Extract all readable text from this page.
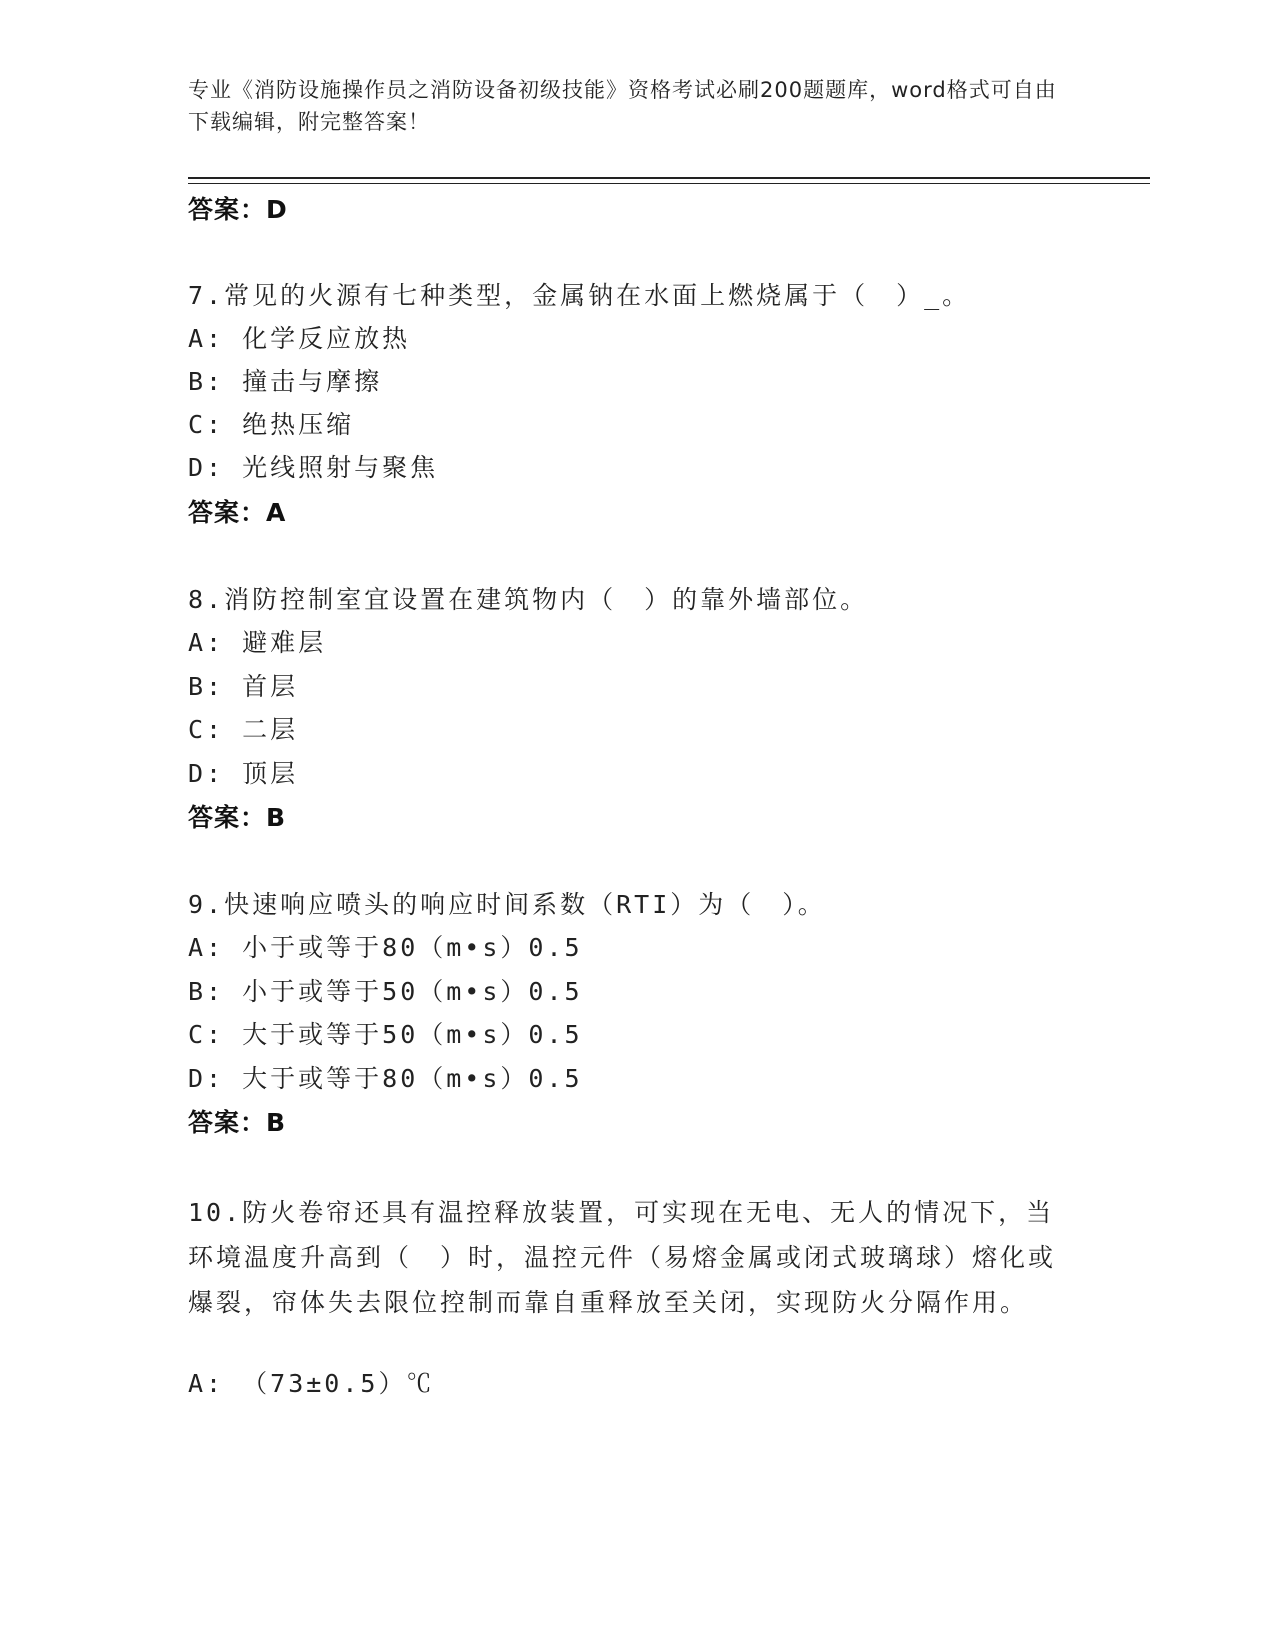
专业《消防设施操作员之消防设备初级技能》资格考试必刷200题题库，word格式可自由下载编辑，附完整答案！
答案：D
7.常见的火源有七种类型，金属钠在水面上燃烧属于（　）_。
A: 化学反应放热
B: 撞击与摩擦
C: 绝热压缩
D: 光线照射与聚焦
答案：A
8.消防控制室宜设置在建筑物内（　）的靠外墙部位。
A: 避难层
B: 首层
C: 二层
D: 顶层
答案：B
9.快速响应喷头的响应时间系数（RTI）为（　）。
A: 小于或等于80（m•s）0.5
B: 小于或等于50（m•s）0.5
C: 大于或等于50（m•s）0.5
D: 大于或等于80（m•s）0.5
答案：B
10.防火卷帘还具有温控释放装置，可实现在无电、无人的情况下，当环境温度升高到（　）时，温控元件（易熔金属或闭式玻璃球）熔化或爆裂，帘体失去限位控制而靠自重释放至关闭，实现防火分隔作用。
A: （73±0.5）℃
